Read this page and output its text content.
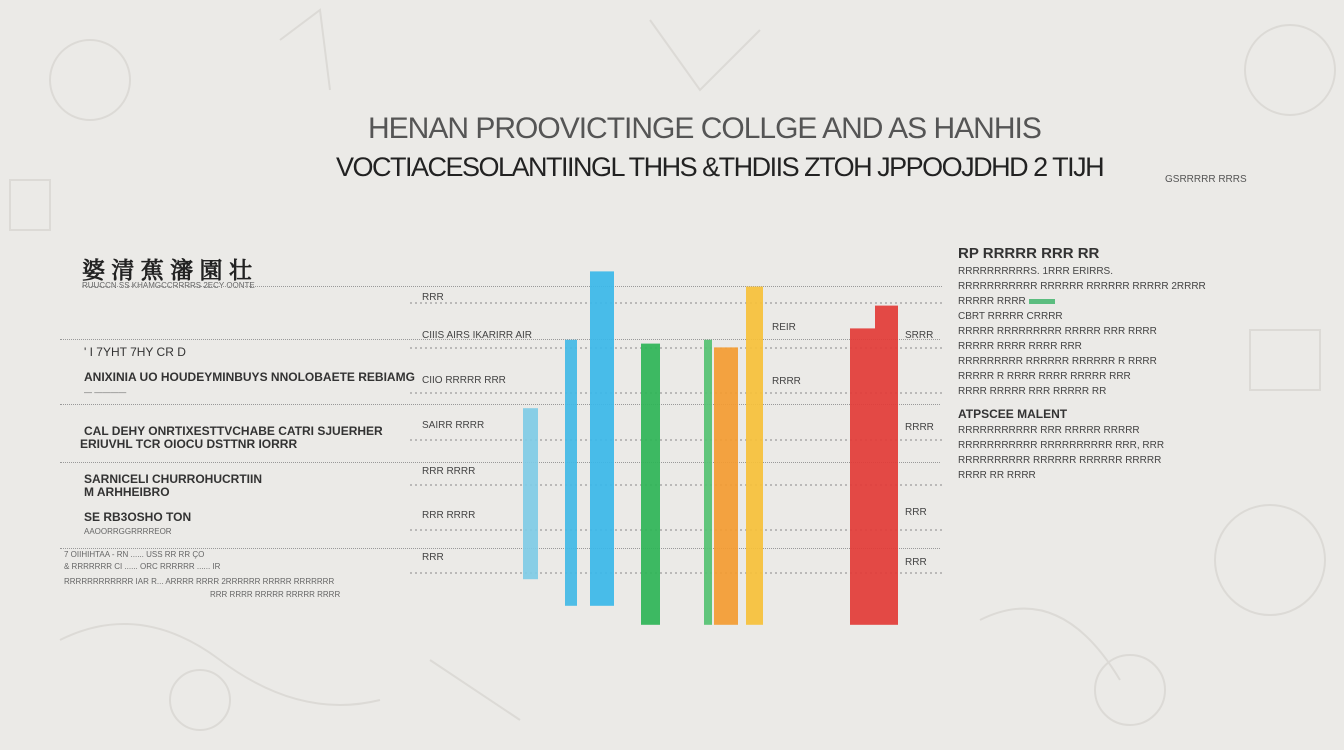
HENAN PROOVICTINGE COLLGE AND AS HANHIS
VOCTIACESOLANTIINGL THHS &THDIIS ZTOH JPPOOJDHD 2 TIJH	GSRRRRR RRRS
婆 清 蕉 瀋 園 壮
RUUCCN SS KHAMGCCRRRRS 2ECY OONTE
' I 7YHT 7HY CR D
ANIXINIA UO HOUDEYMINBUYS NNOLOBAETE REBIAMG
— ————
CAL DEHY ONRTIXESTTVCHABE CATRI SJUERHER
ERIUVHL TCR OIOCU DSTTNR IORRR
SARNICELI CHURROHUCRTIIN
M ARHHEIBRO
SE RB3OSHO TON
AAOORRGGRRRREOR
7 OIIHIHTAA - RN ...... USS RR RR ÇO
& RRRRRRR CI ...... ORC RRRRRR ...... IR
RRRRRRRRRRRR IAR R... ARRRR RRRR 2RRRRRR RRRRR RRRRRRR
RRR RRRR RRRRR RRRRR RRRR
RRR
CIIIS AIRS IKARIRR AIR
CIIO RRRRR RRR
SAIRR RRRR
RRR RRRR
RRR RRRR
RRR
REIR
RRRR
SRRR
RRRR
RRR
RRR
RP RRRRR RRR RR
RRRRRRRRRRS. 1RRR ERIRRS.
RRRRRRRRRRR RRRRRR RRRRRR RRRRR 2RRRR
RRRRR RRRR
CBRT RRRRR CRRRR
RRRRR RRRRRRRRR RRRRR RRR RRRR
RRRRR RRRR RRRR RRR
RRRRRRRRR RRRRRR RRRRRR R RRRR
RRRRR R RRRR RRRR RRRRR RRR
RRRR RRRRR RRR RRRRR RR
ATPSCEE MALENT
RRRRRRRRRRR RRR RRRRR RRRRR
RRRRRRRRRRR RRRRRRRRRR RRR, RRR
RRRRRRRRRR RRRRRR RRRRRR RRRRR
RRRR RR RRRR
